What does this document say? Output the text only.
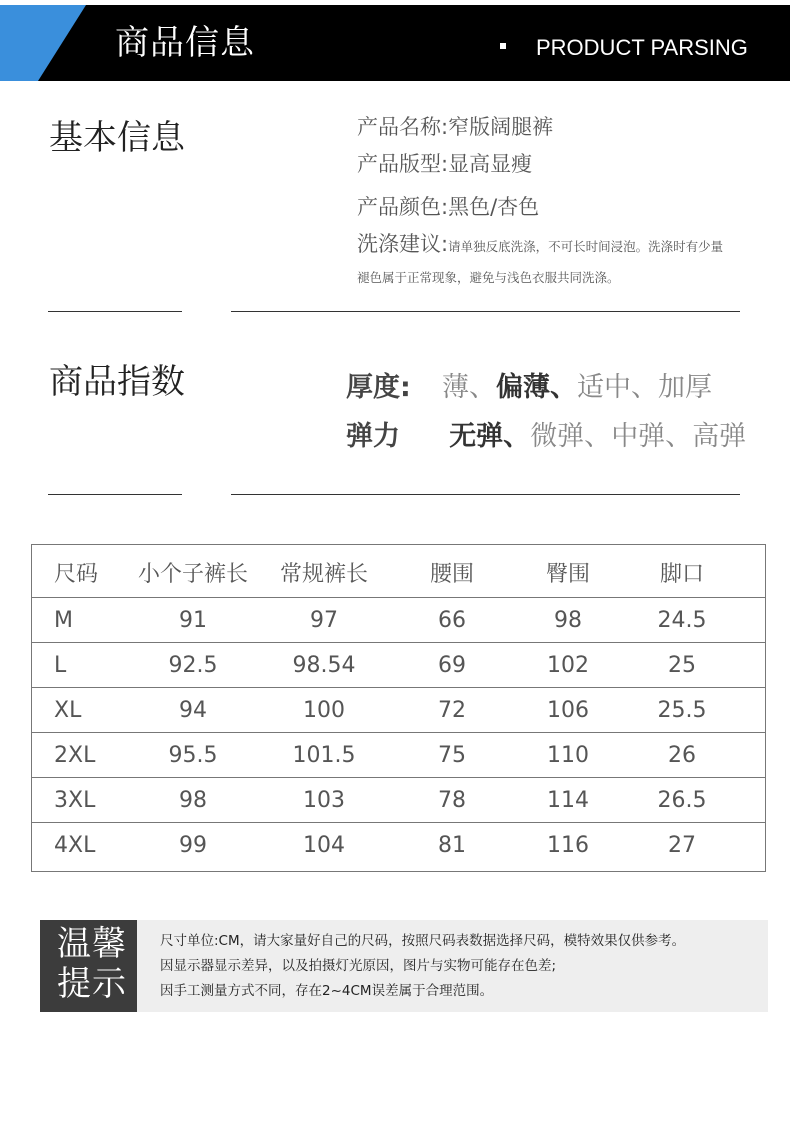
商品信息	PRODUCT PARSING
基本信息	产品名称:窄版阔腿裤
产品版型:显高显瘦
产品颜色:黑色/杏色
洗涤建议:请单独反底洗涤，不可长时间浸泡。洗涤时有少量
褪色属于正常现象，避免与浅色衣服共同洗涤。
商品指数	厚度: 薄、偏薄、适中、加厚
弹力 无弹、微弹、中弹、高弹
尺码 小个子裤长	常规裤长	腰围	臀围	脚口
M	91	97	66	98	24.5
L	92.5	98.54	69	102	25
XL	94	100	72	106	25.5
2XL	95.5	101.5	75	110	26
3XL	98	103	78	114	26.5
4XL	99	104	81	116	27
温馨
提示
尺寸单位:CM，请大家量好自己的尺码，按照尺码表数据选择尺码，模特效果仅供参考。
因显示器显示差异，以及拍摄灯光原因，图片与实物可能存在色差;
因手工测量方式不同，存在2~4CM误差属于合理范围。
